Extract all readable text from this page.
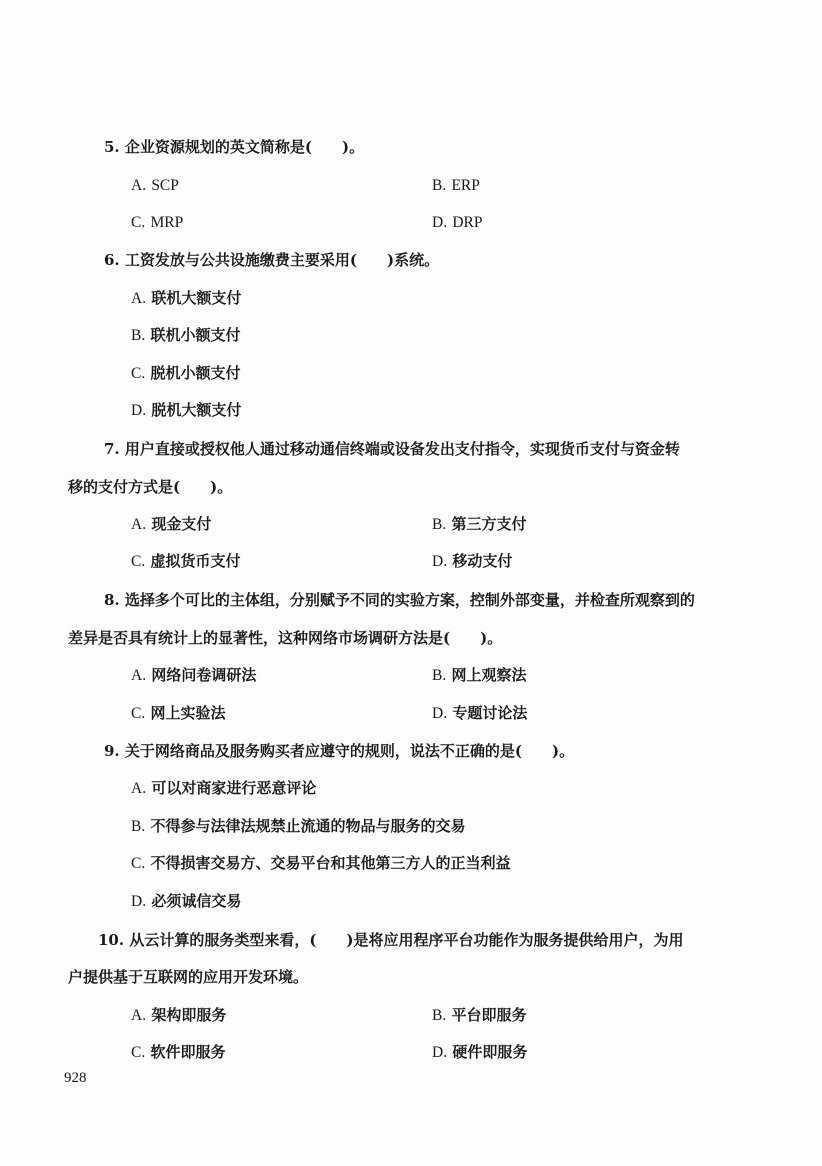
5. 企业资源规划的英文简称是(　　)。
A. SCP	B. ERP
C. MRP	D. DRP
6. 工资发放与公共设施缴费主要采用(　　)系统。
A. 联机大额支付
B. 联机小额支付
C. 脱机小额支付
D. 脱机大额支付
7. 用户直接或授权他人通过移动通信终端或设备发出支付指令，实现货币支付与资金转
移的支付方式是(　　)。
A. 现金支付	B. 第三方支付
C. 虚拟货币支付	D. 移动支付
8. 选择多个可比的主体组，分别赋予不同的实验方案，控制外部变量，并检查所观察到的
差异是否具有统计上的显著性，这种网络市场调研方法是(　　)。
A. 网络问卷调研法	B. 网上观察法
C. 网上实验法	D. 专题讨论法
9. 关于网络商品及服务购买者应遵守的规则，说法不正确的是(　　)。
A. 可以对商家进行恶意评论
B. 不得参与法律法规禁止流通的物品与服务的交易
C. 不得损害交易方、交易平台和其他第三方人的正当利益
D. 必须诚信交易
10. 从云计算的服务类型来看，(　　)是将应用程序平台功能作为服务提供给用户，为用
户提供基于互联网的应用开发环境。
A. 架构即服务	B. 平台即服务
C. 软件即服务	D. 硬件即服务
928
